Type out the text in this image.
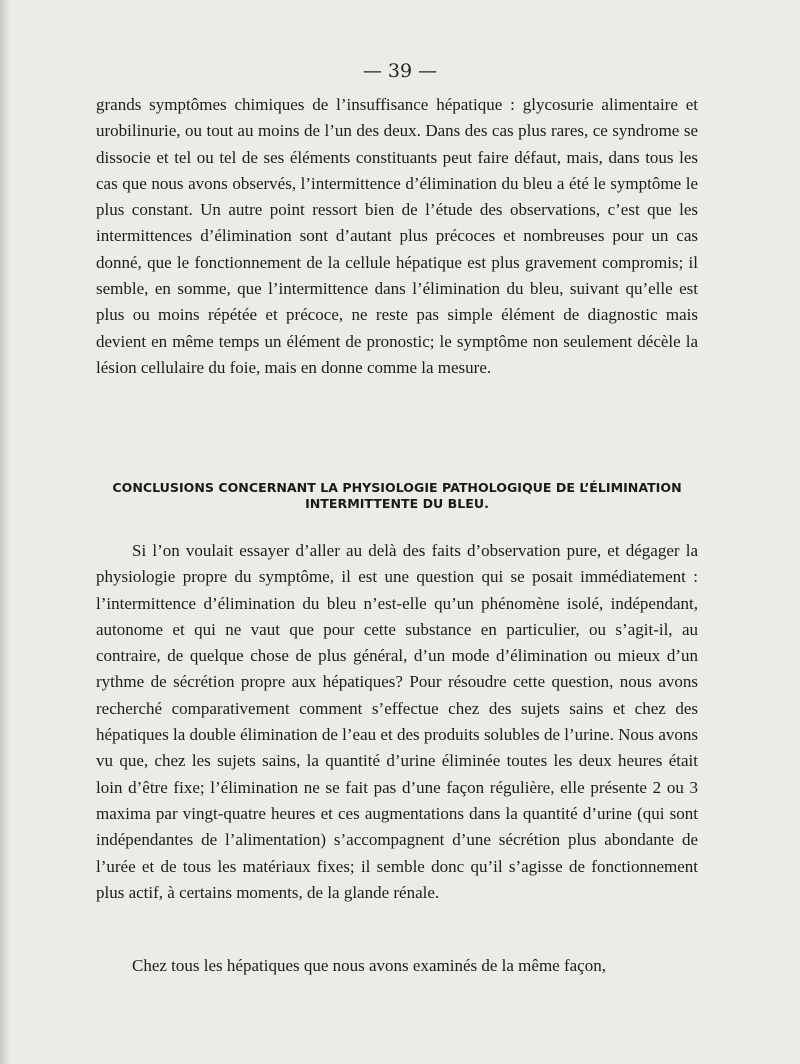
— 39 —

grands symptômes chimiques de l’insuffisance hépatique : glycosurie alimentaire et urobilinurie, ou tout au moins de l’un des deux. Dans des cas plus rares, ce syndrome se dissocie et tel ou tel de ses éléments constituants peut faire défaut, mais, dans tous les cas que nous avons observés, l’intermittence d’élimination du bleu a été le symptôme le plus constant. Un autre point ressort bien de l’étude des observations, c’est que les intermittences d’élimination sont d’autant plus précoces et nombreuses pour un cas donné, que le fonctionnement de la cellule hépatique est plus gravement compromis; il semble, en somme, que l’intermittence dans l’élimination du bleu, suivant qu’elle est plus ou moins répétée et précoce, ne reste pas simple élément de diagnostic mais devient en même temps un élément de pronostic; le symptôme non seulement décèle la lésion cellulaire du foie, mais en donne comme la mesure.

CONCLUSIONS CONCERNANT LA PHYSIOLOGIE PATHOLOGIQUE DE L’ÉLIMINATION
INTERMITTENTE DU BLEU.

Si l’on voulait essayer d’aller au delà des faits d’observation pure, et dégager la physiologie propre du symptôme, il est une question qui se posait immédiatement : l’intermittence d’élimination du bleu n’est-elle qu’un phénomène isolé, indépendant, autonome et qui ne vaut que pour cette substance en particulier, ou s’agit-il, au contraire, de quelque chose de plus général, d’un mode d’élimination ou mieux d’un rythme de sécrétion propre aux hépatiques? Pour résoudre cette question, nous avons recherché comparativement comment s’effectue chez des sujets sains et chez des hépatiques la double élimination de l’eau et des produits solubles de l’urine. Nous avons vu que, chez les sujets sains, la quantité d’urine éliminée toutes les deux heures était loin d’être fixe; l’élimination ne se fait pas d’une façon régulière, elle présente 2 ou 3 maxima par vingt-quatre heures et ces augmentations dans la quantité d’urine (qui sont indépendantes de l’alimentation) s’accompagnent d’une sécrétion plus abondante de l’urée et de tous les matériaux fixes; il semble donc qu’il s’agisse de fonctionnement plus actif, à certains moments, de la glande rénale.

Chez tous les hépatiques que nous avons examinés de la même façon,
